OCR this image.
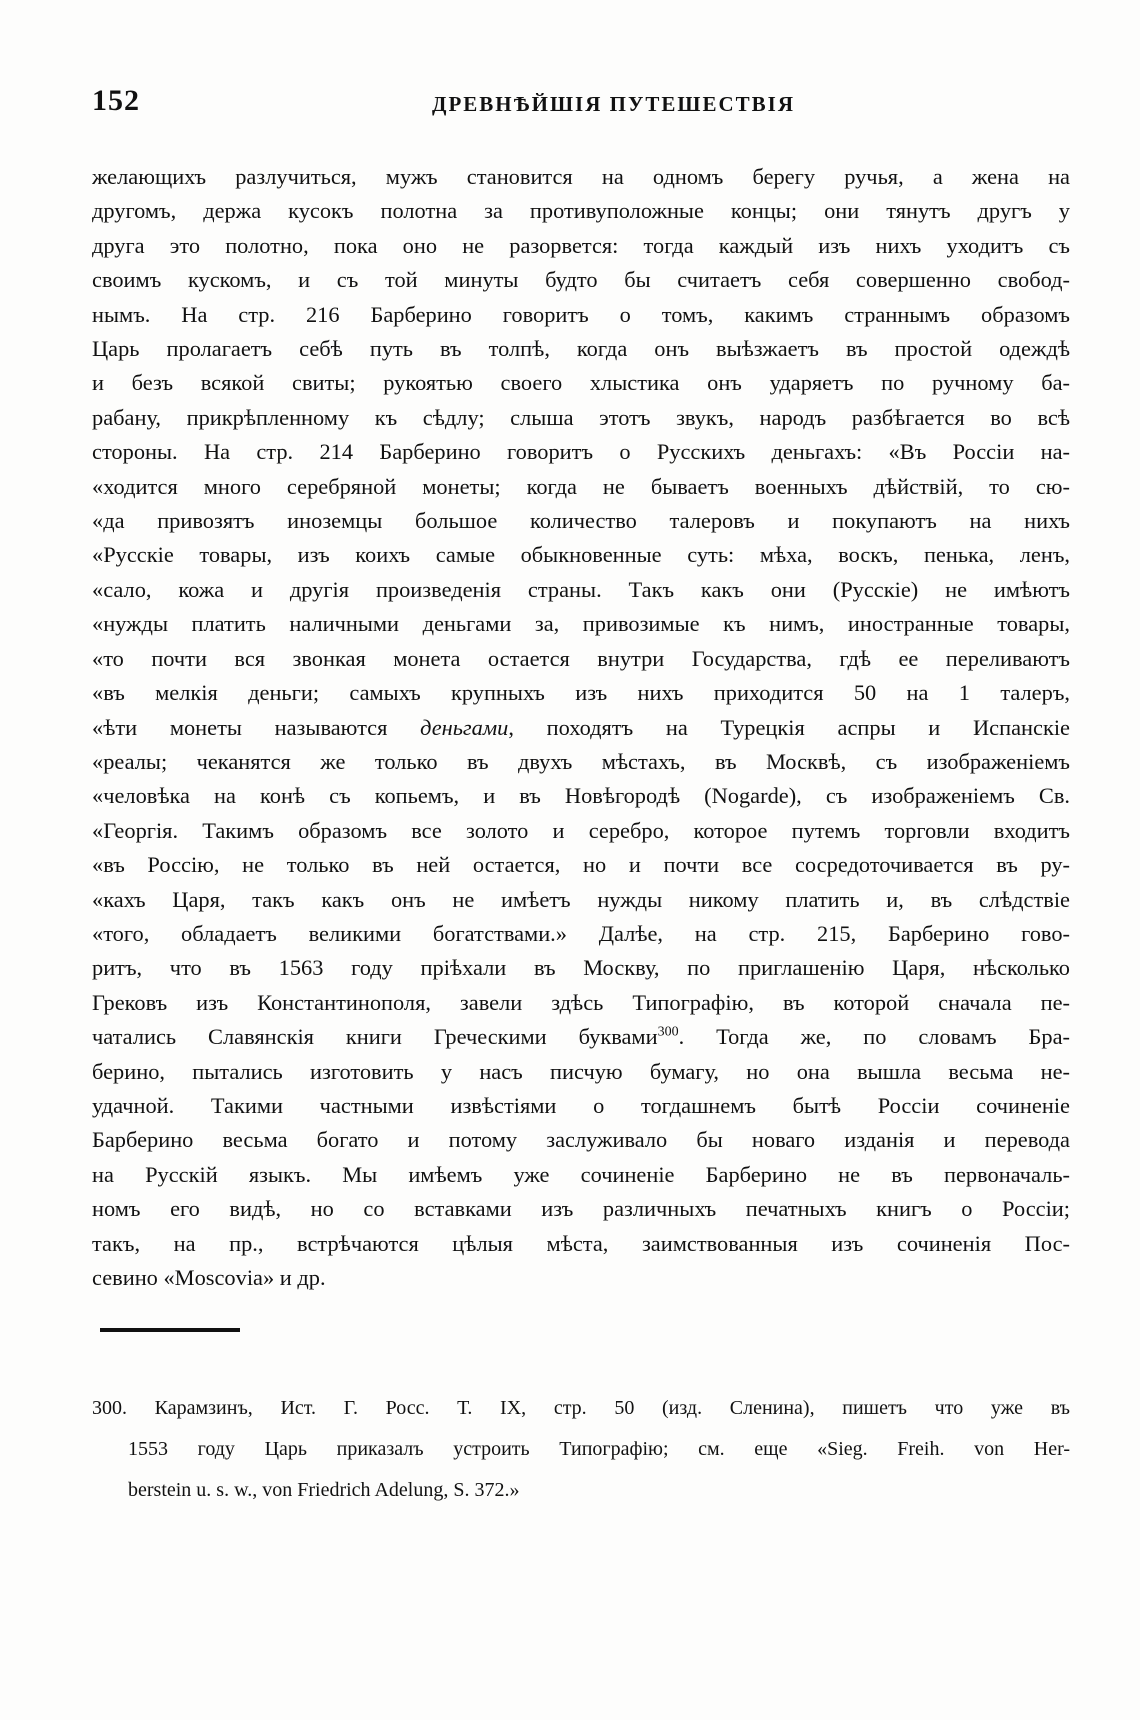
152	ДРЕВНѢЙШІЯ ПУТЕШЕСТВІЯ
желающихъ разлучиться, мужъ становится на одномъ берегу ручья, а жена на
другомъ, держа кусокъ полотна за противуположные концы; они тянутъ другъ у
друга это полотно, пока оно не разорвется: тогда каждый изъ нихъ уходитъ съ
своимъ кускомъ, и съ той минуты будто бы считаетъ себя совершенно свобод-
нымъ. На стр. 216 Барберино говоритъ о томъ, какимъ страннымъ образомъ
Царь пролагаетъ себѣ путь въ толпѣ, когда онъ выѣзжаетъ въ простой одеждѣ
и безъ всякой свиты; рукоятью своего хлыстика онъ ударяетъ по ручному ба-
рабану, прикрѣпленному къ сѣдлу; слыша этотъ звукъ, народъ разбѣгается во всѣ
стороны. На стр. 214 Барберино говоритъ о Русскихъ деньгахъ: «Въ Россіи на-
«ходится много серебряной монеты; когда не бываетъ военныхъ дѣйствій, то сю-
«да привозятъ иноземцы большое количество талеровъ и покупаютъ на нихъ
«Русскіе товары, изъ коихъ самые обыкновенные суть: мѣха, воскъ, пенька, ленъ,
«сало, кожа и другія произведенія страны. Такъ какъ они (Русскіе) не имѣютъ
«нужды платить наличными деньгами за, привозимые къ нимъ, иностранные товары,
«то почти вся звонкая монета остается внутри Государства, гдѣ ее переливаютъ
«въ мелкія деньги; самыхъ крупныхъ изъ нихъ приходится 50 на 1 талеръ,
«ѣти монеты называются деньгами, походятъ на Турецкія аспры и Испанскіе
«реалы; чеканятся же только въ двухъ мѣстахъ, въ Москвѣ, съ изображеніемъ
«человѣка на конѣ съ копьемъ, и въ Новѣгородѣ (Nogarde), съ изображеніемъ Св.
«Георгія. Такимъ образомъ все золото и серебро, которое путемъ торговли входитъ
«въ Россію, не только въ ней остается, но и почти все сосредоточивается въ ру-
«кахъ Царя, такъ какъ онъ не имѣетъ нужды никому платить и, въ слѣдствіе
«того, обладаетъ великими богатствами.» Далѣе, на стр. 215, Барберино гово-
ритъ, что въ 1563 году пріѣхали въ Москву, по приглашенію Царя, нѣсколько
Грековъ изъ Константинополя, завели здѣсь Типографію, въ которой сначала пе-
чатались Славянскія книги Греческими буквами$^{300}$. Тогда же, по словамъ Бра-
берино, пытались изготовить у насъ писчую бумагу, но она вышла весьма не-
удачной. Такими частными извѣстіями о тогдашнемъ бытѣ Россіи сочиненіе
Барберино весьма богато и потому заслуживало бы новаго изданія и перевода
на Русскій языкъ. Мы имѣемъ уже сочиненіе Барберино не въ первоначаль-
номъ его видѣ, но со вставками изъ различныхъ печатныхъ книгъ о Россіи;
такъ, на пр., встрѣчаются цѣлыя мѣста, заимствованныя изъ сочиненія Пос-
севино «Moscovia» и др.
300. Карамзинъ, Ист. Г. Росс. Т. IX, стр. 50 (изд. Сленина), пишетъ что уже въ
1553 году Царь приказалъ устроить Типографію; см. еще «Sieg. Freih. von Her-
berstein u. s. w., von Friedrich Adelung, S. 372.»
